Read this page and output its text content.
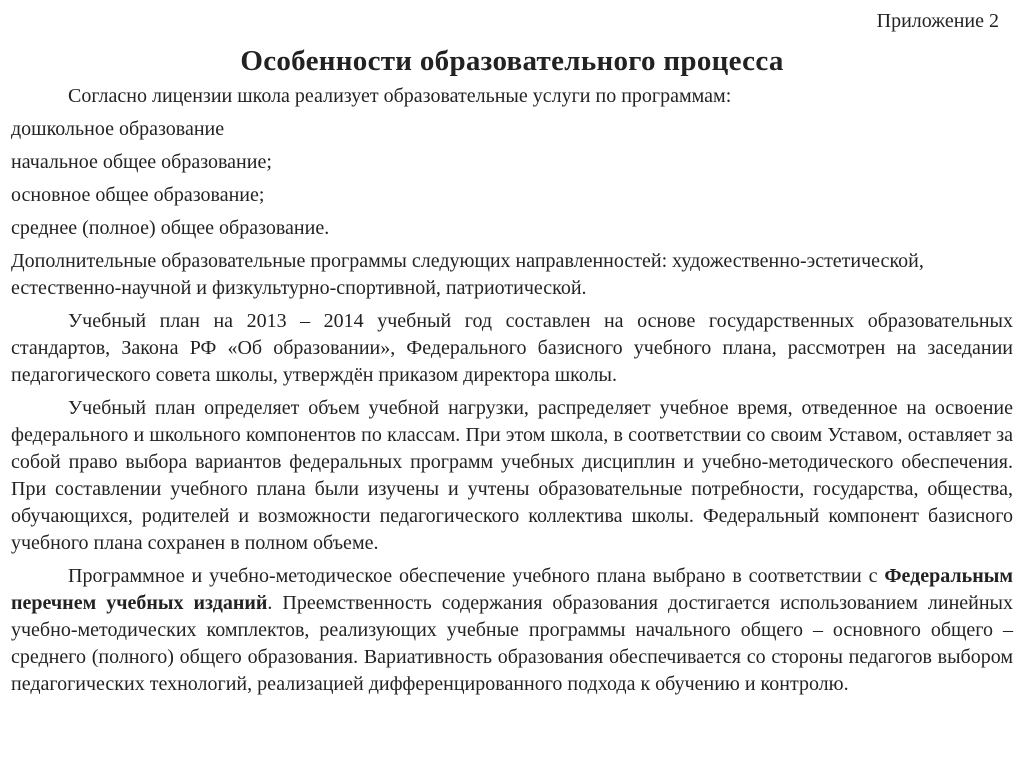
Приложение 2
Особенности образовательного процесса

Согласно лицензии школа реализует образовательные услуги по программам:

дошкольное образование

начальное общее образование;

основное общее образование;

среднее (полное) общее образование.

Дополнительные образовательные программы следующих направленностей: художественно-эстетической, естественно-научной и физкультурно-спортивной, патриотической.

Учебный план на 2013 – 2014 учебный год составлен на основе государственных образовательных стандартов, Закона РФ «Об образовании», Федерального базисного учебного плана, рассмотрен на заседании педагогического совета школы, утверждён приказом директора школы.

Учебный план определяет объем учебной нагрузки, распределяет учебное время, отведенное на освоение федерального и школьного компонентов по классам. При этом школа, в соответствии со своим Уставом, оставляет за собой право выбора вариантов федеральных программ учебных дисциплин и учебно-методического обеспечения. При составлении учебного плана были изучены и учтены образовательные потребности, государства, общества, обучающихся, родителей и возможности педагогического коллектива школы. Федеральный компонент базисного учебного плана сохранен в полном объеме.

Программное и учебно-методическое обеспечение учебного плана выбрано в соответствии с Федеральным перечнем учебных изданий. Преемственность содержания образования достигается использованием линейных учебно-методических комплектов, реализующих учебные программы начального общего – основного общего – среднего (полного) общего образования. Вариативность образования обеспечивается со стороны педагогов выбором педагогических технологий, реализацией дифференцированного подхода к обучению и контролю.
